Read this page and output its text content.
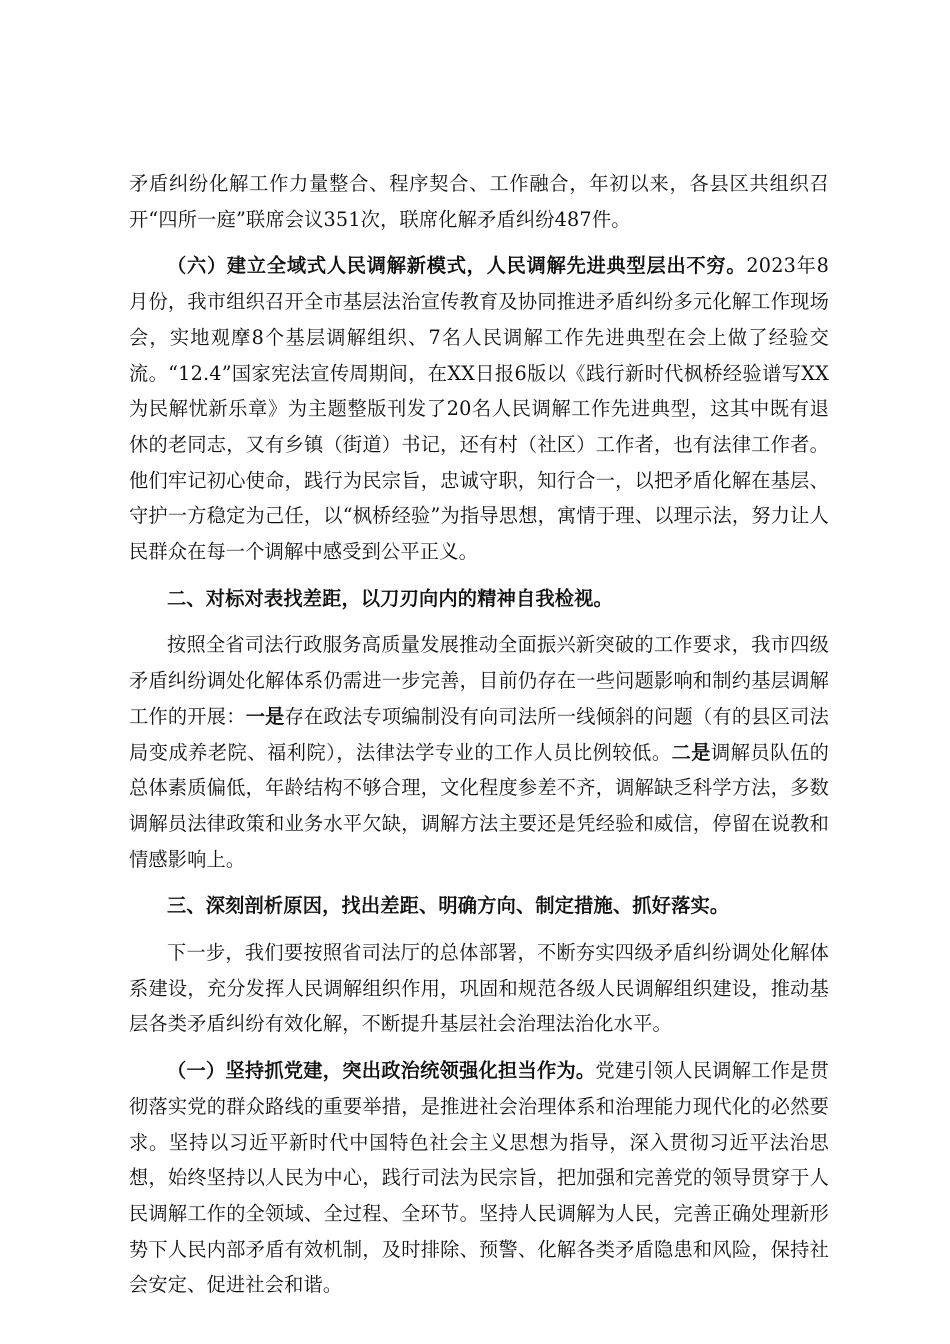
矛盾纠纷化解工作力量整合、程序契合、工作融合，年初以来，各县区共组织召开“四所一庭”联席会议351次，联席化解矛盾纠纷487件。

（六）建立全域式人民调解新模式，人民调解先进典型层出不穷。2023年8月份，我市组织召开全市基层法治宣传教育及协同推进矛盾纠纷多元化解工作现场会，实地观摩8个基层调解组织、7名人民调解工作先进典型在会上做了经验交流。“12.4”国家宪法宣传周期间，在XX日报6版以《践行新时代枫桥经验谱写XX为民解忧新乐章》为主题整版刊发了20名人民调解工作先进典型，这其中既有退休的老同志，又有乡镇（街道）书记，还有村（社区）工作者，也有法律工作者。他们牢记初心使命，践行为民宗旨，忠诚守职，知行合一，以把矛盾化解在基层、守护一方稳定为己任，以“枫桥经验”为指导思想，寓情于理、以理示法，努力让人民群众在每一个调解中感受到公平正义。

二、对标对表找差距，以刀刃向内的精神自我检视。

按照全省司法行政服务高质量发展推动全面振兴新突破的工作要求，我市四级矛盾纠纷调处化解体系仍需进一步完善，目前仍存在一些问题影响和制约基层调解工作的开展：一是存在政法专项编制没有向司法所一线倾斜的问题（有的县区司法局变成养老院、福利院），法律法学专业的工作人员比例较低。二是调解员队伍的总体素质偏低，年龄结构不够合理，文化程度参差不齐，调解缺乏科学方法，多数调解员法律政策和业务水平欠缺，调解方法主要还是凭经验和威信，停留在说教和情感影响上。

三、深刻剖析原因，找出差距、明确方向、制定措施、抓好落实。

下一步，我们要按照省司法厅的总体部署，不断夯实四级矛盾纠纷调处化解体系建设，充分发挥人民调解组织作用，巩固和规范各级人民调解组织建设，推动基层各类矛盾纠纷有效化解，不断提升基层社会治理法治化水平。

（一）坚持抓党建，突出政治统领强化担当作为。党建引领人民调解工作是贯彻落实党的群众路线的重要举措，是推进社会治理体系和治理能力现代化的必然要求。坚持以习近平新时代中国特色社会主义思想为指导，深入贯彻习近平法治思想，始终坚持以人民为中心，践行司法为民宗旨，把加强和完善党的领导贯穿于人民调解工作的全领域、全过程、全环节。坚持人民调解为人民，完善正确处理新形势下人民内部矛盾有效机制，及时排除、预警、化解各类矛盾隐患和风险，保持社会安定、促进社会和谐。
